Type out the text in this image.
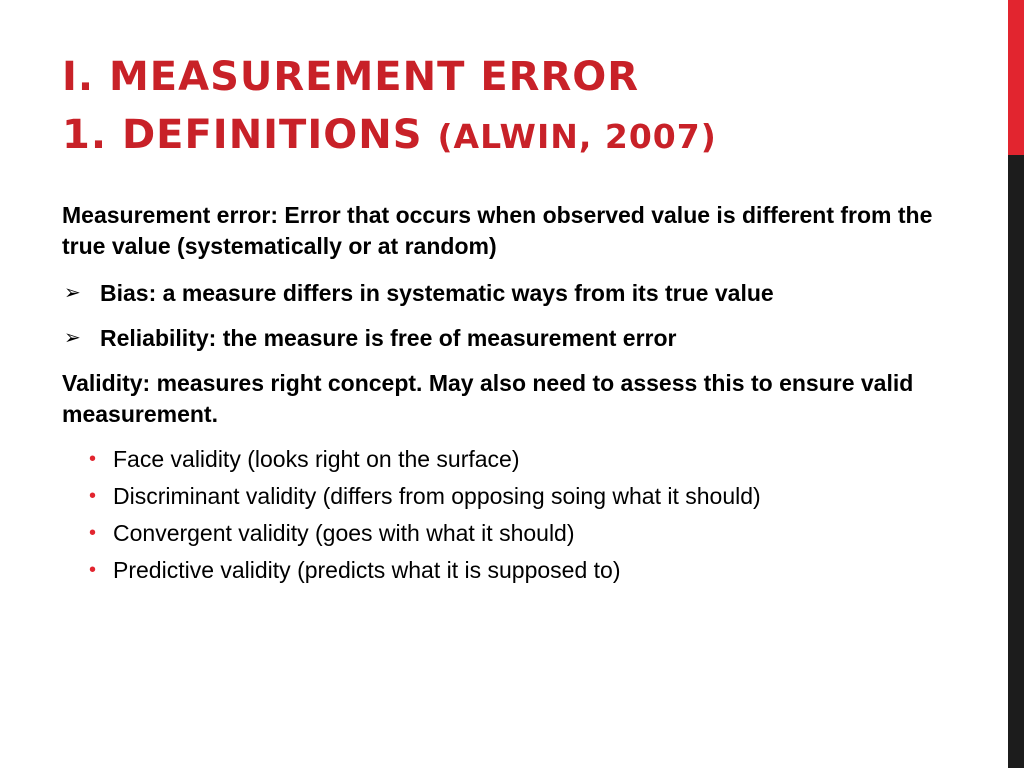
I. MEASUREMENT ERROR
1. DEFINITIONS (ALWIN, 2007)

Measurement error: Error that occurs when observed value is different from the true value (systematically or at random)

➢ Bias: a measure differs in systematic ways from its true value
➢ Reliability: the measure is free of measurement error

Validity: measures right concept. May also need to assess this to ensure valid measurement.

• Face validity (looks right on the surface)
• Discriminant validity (differs from opposing soing what it should)
• Convergent validity (goes with what it should)
• Predictive validity (predicts what it is supposed to)
